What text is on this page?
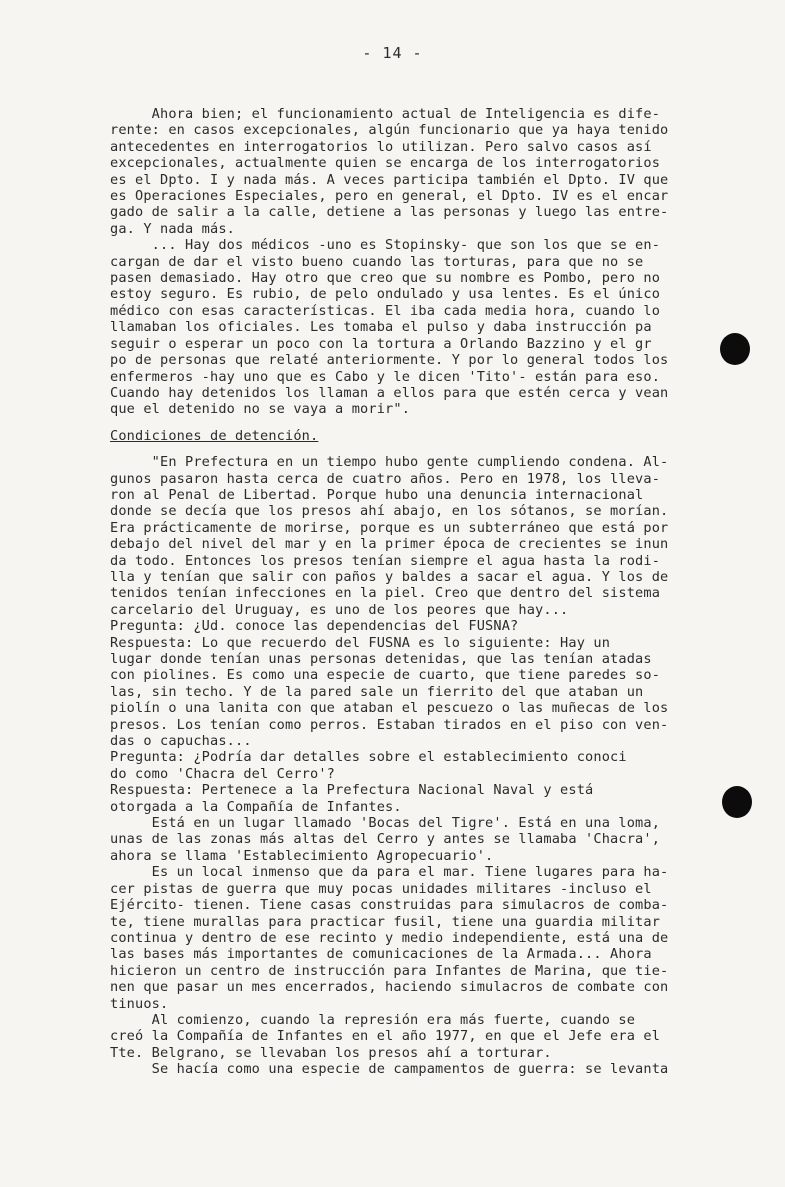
- 14 -
Ahora bien; el funcionamiento actual de Inteligencia es dife-
rente: en casos excepcionales, algún funcionario que ya haya tenido
antecedentes en interrogatorios lo utilizan. Pero salvo casos así
excepcionales, actualmente quien se encarga de los interrogatorios
es el Dpto. I y nada más. A veces participa también el Dpto. IV que
es Operaciones Especiales, pero en general, el Dpto. IV es el encar
gado de salir a la calle, detiene a las personas y luego las entre-
ga. Y nada más.
... Hay dos médicos -uno es Stopinsky- que son los que se en-
cargan de dar el visto bueno cuando las torturas, para que no se
pasen demasiado. Hay otro que creo que su nombre es Pombo, pero no
estoy seguro. Es rubio, de pelo ondulado y usa lentes. Es el único
médico con esas características. El iba cada media hora, cuando lo
llamaban los oficiales. Les tomaba el pulso y daba instrucción pa
seguir o esperar un poco con la tortura a Orlando Bazzino y el gr
po de personas que relaté anteriormente. Y por lo general todos los
enfermeros -hay uno que es Cabo y le dicen 'Tito'- están para eso.
Cuando hay detenidos los llaman a ellos para que estén cerca y vean
que el detenido no se vaya a morir".
Condiciones de detención.
"En Prefectura en un tiempo hubo gente cumpliendo condena. Al-
gunos pasaron hasta cerca de cuatro años. Pero en 1978, los lleva-
ron al Penal de Libertad. Porque hubo una denuncia internacional
donde se decía que los presos ahí abajo, en los sótanos, se morían.
Era prácticamente de morirse, porque es un subterráneo que está por
debajo del nivel del mar y en la primer época de crecientes se inun
da todo. Entonces los presos tenían siempre el agua hasta la rodi-
lla y tenían que salir con paños y baldes a sacar el agua. Y los de
tenidos tenían infecciones en la piel. Creo que dentro del sistema
carcelario del Uruguay, es uno de los peores que hay...
Pregunta: ¿Ud. conoce las dependencias del FUSNA?
Respuesta: Lo que recuerdo del FUSNA es lo siguiente: Hay un
lugar donde tenían unas personas detenidas, que las tenían atadas
con piolines. Es como una especie de cuarto, que tiene paredes so-
las, sin techo. Y de la pared sale un fierrito del que ataban un
piolín o una lanita con que ataban el pescuezo o las muñecas de los
presos. Los tenían como perros. Estaban tirados en el piso con ven-
das o capuchas...
Pregunta: ¿Podría dar detalles sobre el establecimiento conoci
do como 'Chacra del Cerro'?
Respuesta: Pertenece a la Prefectura Nacional Naval y está
otorgada a la Compañía de Infantes.
Está en un lugar llamado 'Bocas del Tigre'. Está en una loma,
unas de las zonas más altas del Cerro y antes se llamaba 'Chacra',
ahora se llama 'Establecimiento Agropecuario'.
Es un local inmenso que da para el mar. Tiene lugares para ha-
cer pistas de guerra que muy pocas unidades militares -incluso el
Ejército- tienen. Tiene casas construidas para simulacros de comba-
te, tiene murallas para practicar fusil, tiene una guardia militar
continua y dentro de ese recinto y medio independiente, está una de
las bases más importantes de comunicaciones de la Armada... Ahora
hicieron un centro de instrucción para Infantes de Marina, que tie-
nen que pasar un mes encerrados, haciendo simulacros de combate con
tinuos.
Al comienzo, cuando la represión era más fuerte, cuando se
creó la Compañía de Infantes en el año 1977, en que el Jefe era el
Tte. Belgrano, se llevaban los presos ahí a torturar.
Se hacía como una especie de campamentos de guerra: se levanta
